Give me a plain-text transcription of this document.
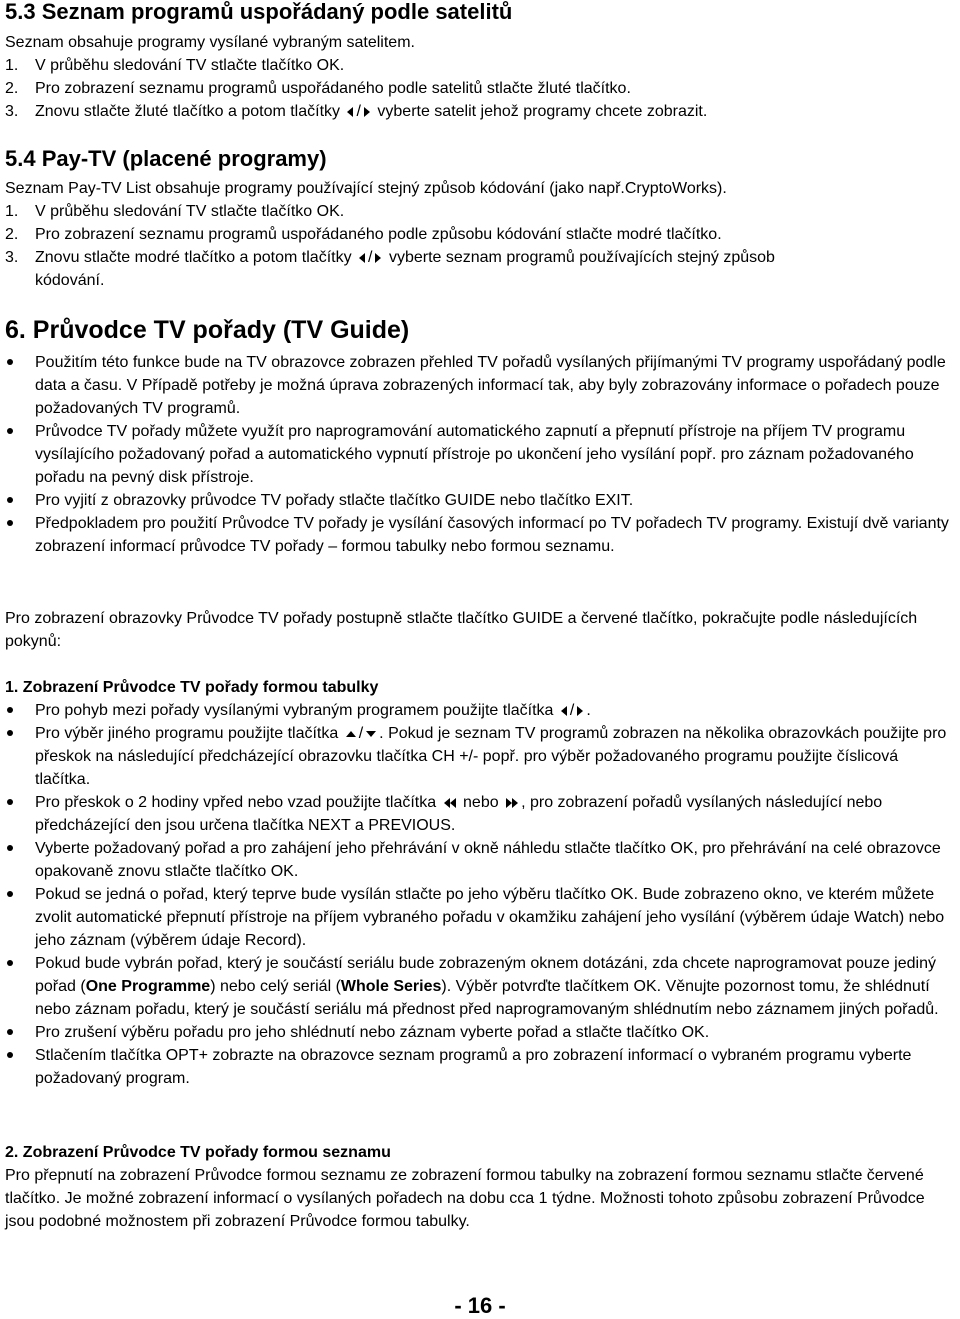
5.3 Seznam programů uspořádaný podle satelitů
Seznam obsahuje programy vysílané vybraným satelitem.
1. V průběhu sledování TV stlačte tlačítko OK.
2. Pro zobrazení seznamu programů uspořádaného podle satelitů stlačte žluté tlačítko.
3. Znovu stlačte žluté tlačítko a potom tlačítky / vyberte satelit jehož programy chcete zobrazit.
5.4 Pay-TV (placené programy)
Seznam Pay-TV List obsahuje programy používající stejný způsob kódování (jako např.CryptoWorks).
1. V průběhu sledování TV stlačte tlačítko OK.
2. Pro zobrazení seznamu programů uspořádaného podle způsobu kódování stlačte modré tlačítko.
3. Znovu stlačte modré tlačítko a potom tlačítky / vyberte seznam programů používajících stejný způsob
kódování.
6. Průvodce TV pořady (TV Guide)
Použitím této funkce bude na TV obrazovce zobrazen přehled TV pořadů vysílaných přijímanými TV programy uspořádaný podle data a času. V Případě potřeby je možná úprava zobrazených informací tak, aby byly zobrazovány informace o pořadech pouze požadovaných TV programů.
Průvodce TV pořady můžete využít pro naprogramování automatického zapnutí a přepnutí přístroje na příjem TV programu vysílajícího požadovaný pořad a automatického vypnutí přístroje po ukončení jeho vysílání popř. pro záznam požadovaného pořadu na pevný disk přístroje.
Pro vyjití z obrazovky průvodce TV pořady stlačte tlačítko GUIDE nebo tlačítko EXIT.
Předpokladem pro použití Průvodce TV pořady je vysílání časových informací po TV pořadech TV programy. Existují dvě varianty zobrazení informací průvodce TV pořady – formou tabulky nebo formou seznamu.
Pro zobrazení obrazovky Průvodce TV pořady postupně stlačte tlačítko GUIDE a červené tlačítko, pokračujte podle následujících pokynů:
1. Zobrazení Průvodce TV pořady formou tabulky
Pro pohyb mezi pořady vysílanými vybraným programem použijte tlačítka / .
Pro výběr jiného programu použijte tlačítka / . Pokud je seznam TV programů zobrazen na několika obrazovkách použijte pro přeskok na následující předcházející obrazovku tlačítka CH +/- popř. pro výběr požadovaného programu použijte číslicová tlačítka.
Pro přeskok o 2 hodiny vpřed nebo vzad použijte tlačítka nebo , pro zobrazení pořadů vysílaných následující nebo předcházející den jsou určena tlačítka NEXT a PREVIOUS.
Vyberte požadovaný pořad a pro zahájení jeho přehrávání v okně náhledu stlačte tlačítko OK, pro přehrávání na celé obrazovce opakovaně znovu stlačte tlačítko OK.
Pokud se jedná o pořad, který teprve bude vysílán stlačte po jeho výběru tlačítko OK. Bude zobrazeno okno, ve kterém můžete zvolit automatické přepnutí přístroje na příjem vybraného pořadu v okamžiku zahájení jeho vysílání (výběrem údaje Watch) nebo jeho záznam (výběrem údaje Record).
Pokud bude vybrán pořad, který je součástí seriálu bude zobrazeným oknem dotázáni, zda chcete naprogramovat pouze jediný pořad (One Programme) nebo celý seriál (Whole Series). Výběr potvrďte tlačítkem OK. Věnujte pozornost tomu, že shlédnutí nebo záznam pořadu, který je součástí seriálu má přednost před naprogramovaným shlédnutím nebo záznamem jiných pořadů.
Pro zrušení výběru pořadu pro jeho shlédnutí nebo záznam vyberte pořad a stlačte tlačítko OK.
Stlačením tlačítka OPT+ zobrazte na obrazovce seznam programů a pro zobrazení informací o vybraném programu vyberte požadovaný program.
2. Zobrazení Průvodce TV pořady formou seznamu
Pro přepnutí na zobrazení Průvodce formou seznamu ze zobrazení formou tabulky na zobrazení formou seznamu stlačte červené tlačítko. Je možné zobrazení informací o vysílaných pořadech na dobu cca 1 týdne. Možnosti tohoto způsobu zobrazení Průvodce jsou podobné možnostem při zobrazení Průvodce formou tabulky.
- 16 -
